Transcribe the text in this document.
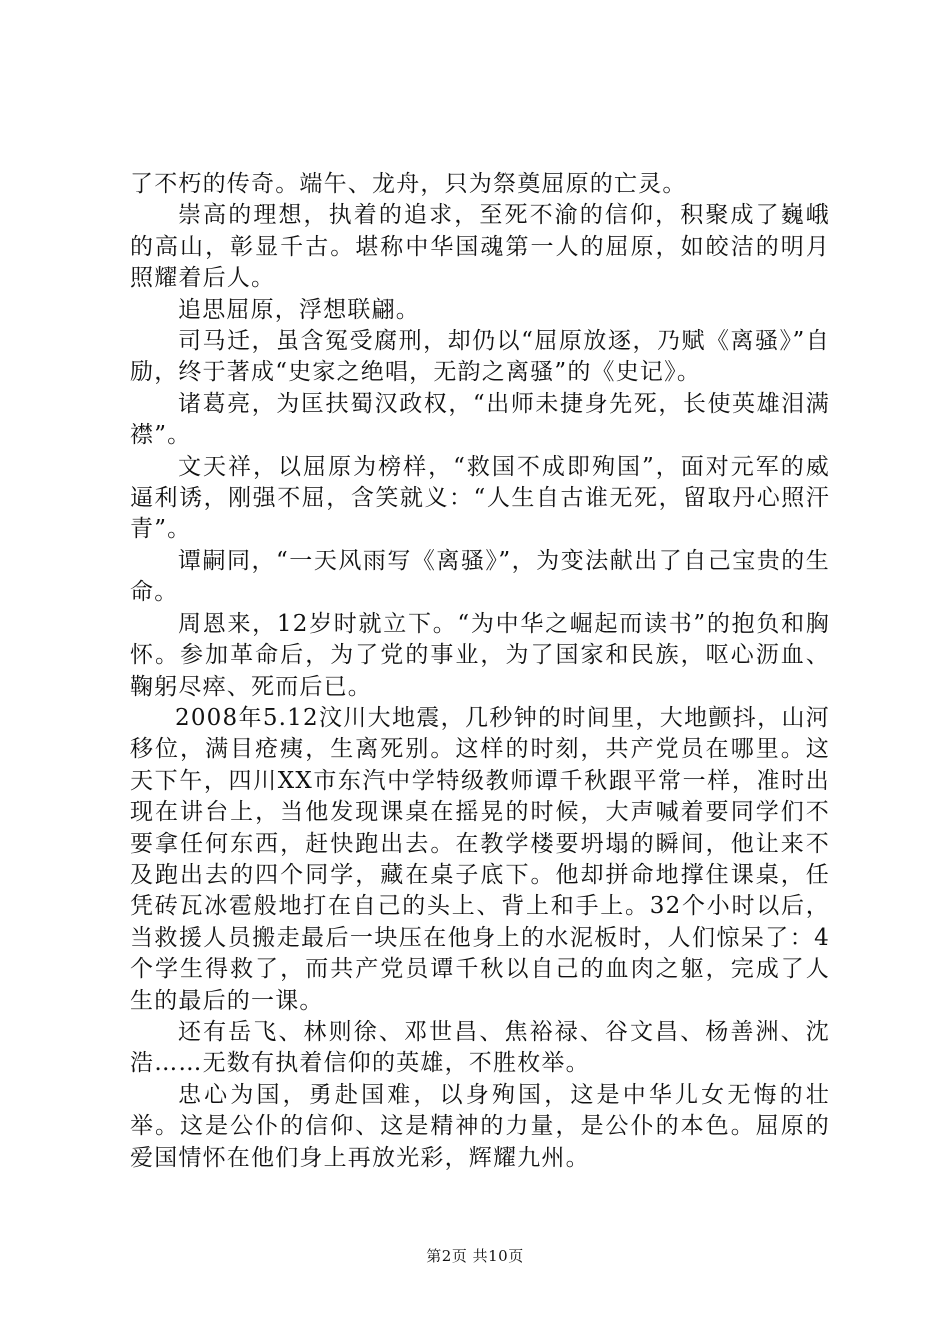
了不朽的传奇。端午、龙舟，只为祭奠屈原的亡灵。

崇高的理想，执着的追求，至死不渝的信仰，积聚成了巍峨的高山，彰显千古。堪称中华国魂第一人的屈原，如皎洁的明月照耀着后人。

追思屈原，浮想联翩。

司马迁，虽含冤受腐刑，却仍以“屈原放逐，乃赋《离骚》”自励，终于著成“史家之绝唱，无韵之离骚”的《史记》。

诸葛亮，为匡扶蜀汉政权，“出师未捷身先死，长使英雄泪满襟”。

文天祥，以屈原为榜样，“救国不成即殉国”，面对元军的威逼利诱，刚强不屈，含笑就义：“人生自古谁无死，留取丹心照汗青”。

谭嗣同，“一天风雨写《离骚》”，为变法献出了自己宝贵的生命。

周恩来，12岁时就立下。“为中华之崛起而读书”的抱负和胸怀。参加革命后，为了党的事业，为了国家和民族，呕心沥血、鞠躬尽瘁、死而后已。

2008年5.12汶川大地震，几秒钟的时间里，大地颤抖，山河移位，满目疮痍，生离死别。这样的时刻，共产党员在哪里。这天下午，四川XX市东汽中学特级教师谭千秋跟平常一样，准时出现在讲台上，当他发现课桌在摇晃的时候，大声喊着要同学们不要拿任何东西，赶快跑出去。在教学楼要坍塌的瞬间，他让来不及跑出去的四个同学，藏在桌子底下。他却拼命地撑住课桌，任凭砖瓦冰雹般地打在自己的头上、背上和手上。32个小时以后，当救援人员搬走最后一块压在他身上的水泥板时，人们惊呆了：4个学生得救了，而共产党员谭千秋以自己的血肉之躯，完成了人生的最后的一课。

还有岳飞、林则徐、邓世昌、焦裕禄、谷文昌、杨善洲、沈浩……无数有执着信仰的英雄，不胜枚举。

忠心为国，勇赴国难，以身殉国，这是中华儿女无悔的壮举。这是公仆的信仰、这是精神的力量，是公仆的本色。屈原的爱国情怀在他们身上再放光彩，辉耀九州。

第2页 共10页
